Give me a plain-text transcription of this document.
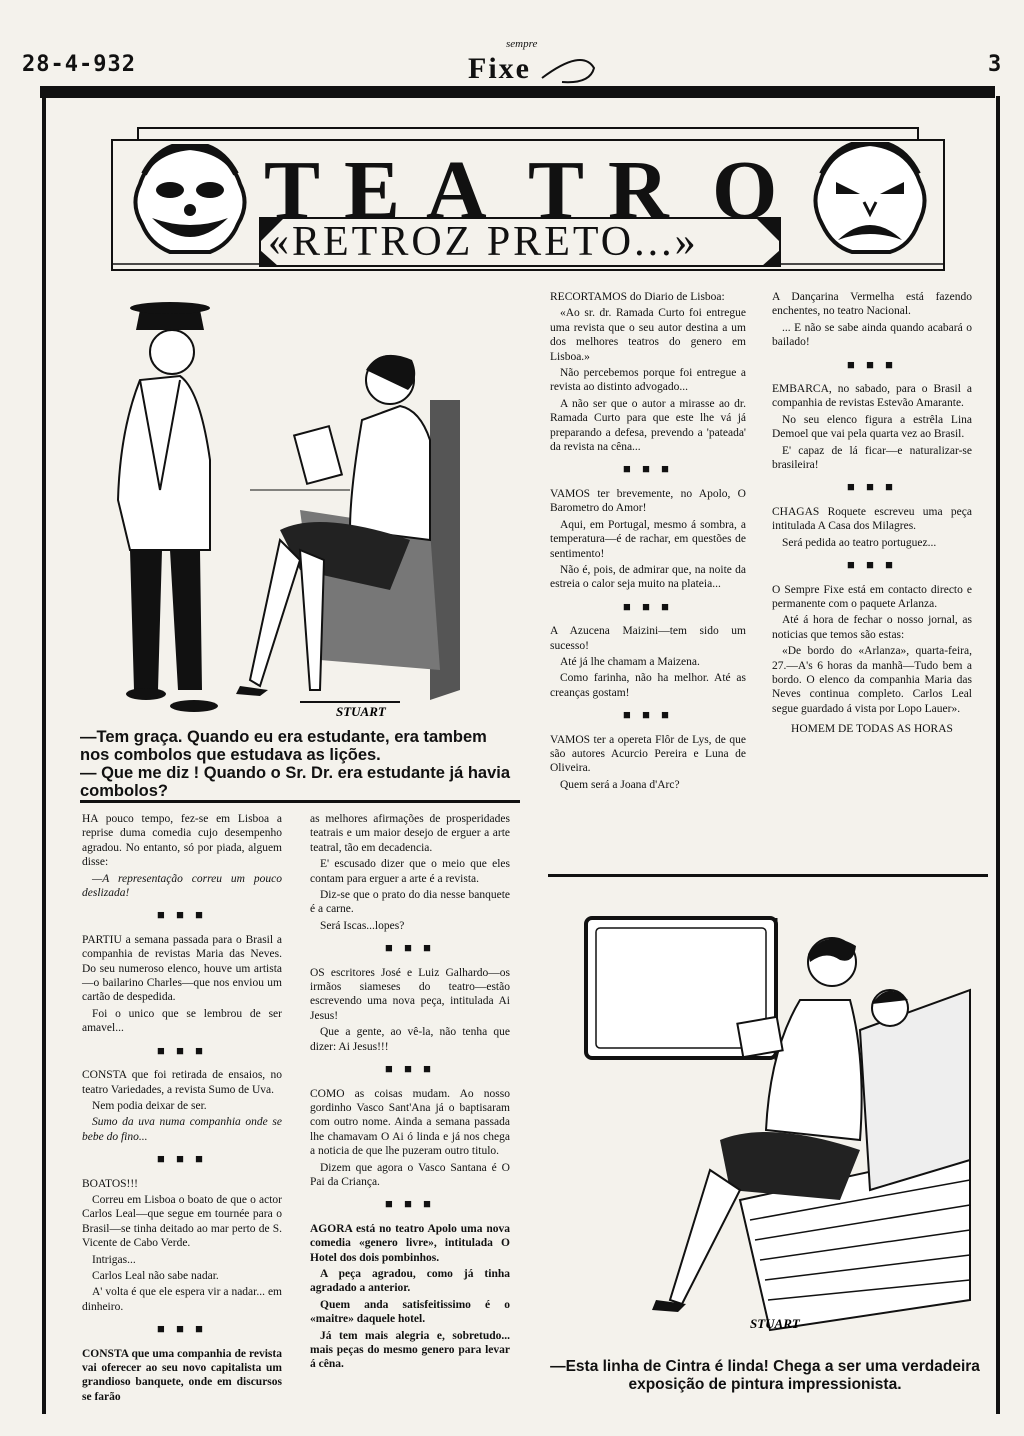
28-4-932
sempre
Fixe	3
T E A T R O
«RETROZ PRETO...»
STUART

—Tem graça. Quando eu era estudante, era tambem nos combolos que estudava as lições.

— Que me diz ! Quando o Sr. Dr. era estudante já havia combolos?

HA pouco tempo, fez-se em Lisboa a reprise duma comedia cujo desempenho agradou. No entanto, só por piada, alguem disse:

—A representação correu um pouco deslizada!

■ ■ ■

PARTIU a semana passada para o Brasil a companhia de revistas Maria das Neves. Do seu numeroso elenco, houve um artista—o bailarino Charles—que nos enviou um cartão de despedida.

Foi o unico que se lembrou de ser amavel...

■ ■ ■

CONSTA que foi retirada de ensaios, no teatro Variedades, a revista Sumo de Uva.

Nem podia deixar de ser.

Sumo da uva numa companhia onde se bebe do fino...

■ ■ ■

BOATOS!!!

Correu em Lisboa o boato de que o actor Carlos Leal—que segue em tournée para o Brasil—se tinha deitado ao mar perto de S. Vicente de Cabo Verde.

Intrigas...

Carlos Leal não sabe nadar.

A' volta é que ele espera vir a nadar... em dinheiro.

■ ■ ■

CONSTA que uma companhia de revista vai oferecer ao seu novo capitalista um grandioso banquete, onde em discursos se farão

as melhores afirmações de prosperidades teatrais e um maior desejo de erguer a arte teatral, tão em decadencia.

E' escusado dizer que o meio que eles contam para erguer a arte é a revista.

Diz-se que o prato do dia nesse banquete é a carne.

Será Iscas...lopes?

■ ■ ■

OS escritores José e Luiz Galhardo—os irmãos siameses do teatro—estão escrevendo uma nova peça, intitulada Ai Jesus!

Que a gente, ao vê-la, não tenha que dizer: Ai Jesus!!!

■ ■ ■

COMO as coisas mudam. Ao nosso gordinho Vasco Sant'Ana já o baptisaram com outro nome. Ainda a semana passada lhe chamavam O Ai ó linda e já nos chega a noticia de que lhe puzeram outro titulo.

Dizem que agora o Vasco Santana é O Pai da Criança.

■ ■ ■

AGORA está no teatro Apolo uma nova comedia «genero livre», intitulada O Hotel dos dois pombinhos.

A peça agradou, como já tinha agradado a anterior.

Quem anda satisfeitissimo é o «maitre» daquele hotel.

Já tem mais alegria e, sobretudo... mais peças do mesmo genero para levar á cêna.

RECORTAMOS do Diario de Lisboa:

«Ao sr. dr. Ramada Curto foi entregue uma revista que o seu autor destina a um dos melhores teatros do genero em Lisboa.»

Não percebemos porque foi entregue a revista ao distinto advogado...

A não ser que o autor a mirasse ao dr. Ramada Curto para que este lhe vá já preparando a defesa, prevendo a 'pateada' da revista na cêna...

■ ■ ■

VAMOS ter brevemente, no Apolo, O Barometro do Amor!

Aqui, em Portugal, mesmo á sombra, a temperatura—é de rachar, em questões de sentimento!

Não é, pois, de admirar que, na noite da estreia o calor seja muito na plateia...

■ ■ ■

A Azucena Maizini—tem sido um sucesso!

Até já lhe chamam a Maizena.

Como farinha, não ha melhor. Até as creanças gostam!

■ ■ ■

VAMOS ter a opereta Flôr de Lys, de que são autores Acurcio Pereira e Luna de Oliveira.

Quem será a Joana d'Arc?

A Dançarina Vermelha está fazendo enchentes, no teatro Nacional.

... E não se sabe ainda quando acabará o bailado!

■ ■ ■

EMBARCA, no sabado, para o Brasil a companhia de revistas Estevão Amarante.

No seu elenco figura a estrêla Lina Demoel que vai pela quarta vez ao Brasil.

E' capaz de lá ficar—e naturalizar-se brasileira!

■ ■ ■

CHAGAS Roquete escreveu uma peça intitulada A Casa dos Milagres.

Será pedida ao teatro portuguez...

■ ■ ■

O Sempre Fixe está em contacto directo e permanente com o paquete Arlanza.

Até á hora de fechar o nosso jornal, as noticias que temos são estas:

«De bordo do «Arlanza», quarta-feira, 27.—A's 6 horas da manhã—Tudo bem a bordo. O elenco da companhia Maria das Neves continua completo. Carlos Leal segue guardado á vista por Lopo Lauer».

HOMEM DE TODAS AS HORAS

STUART
—Esta linha de Cintra é linda! Chega a ser uma verdadeira exposição de pintura impressionista.
